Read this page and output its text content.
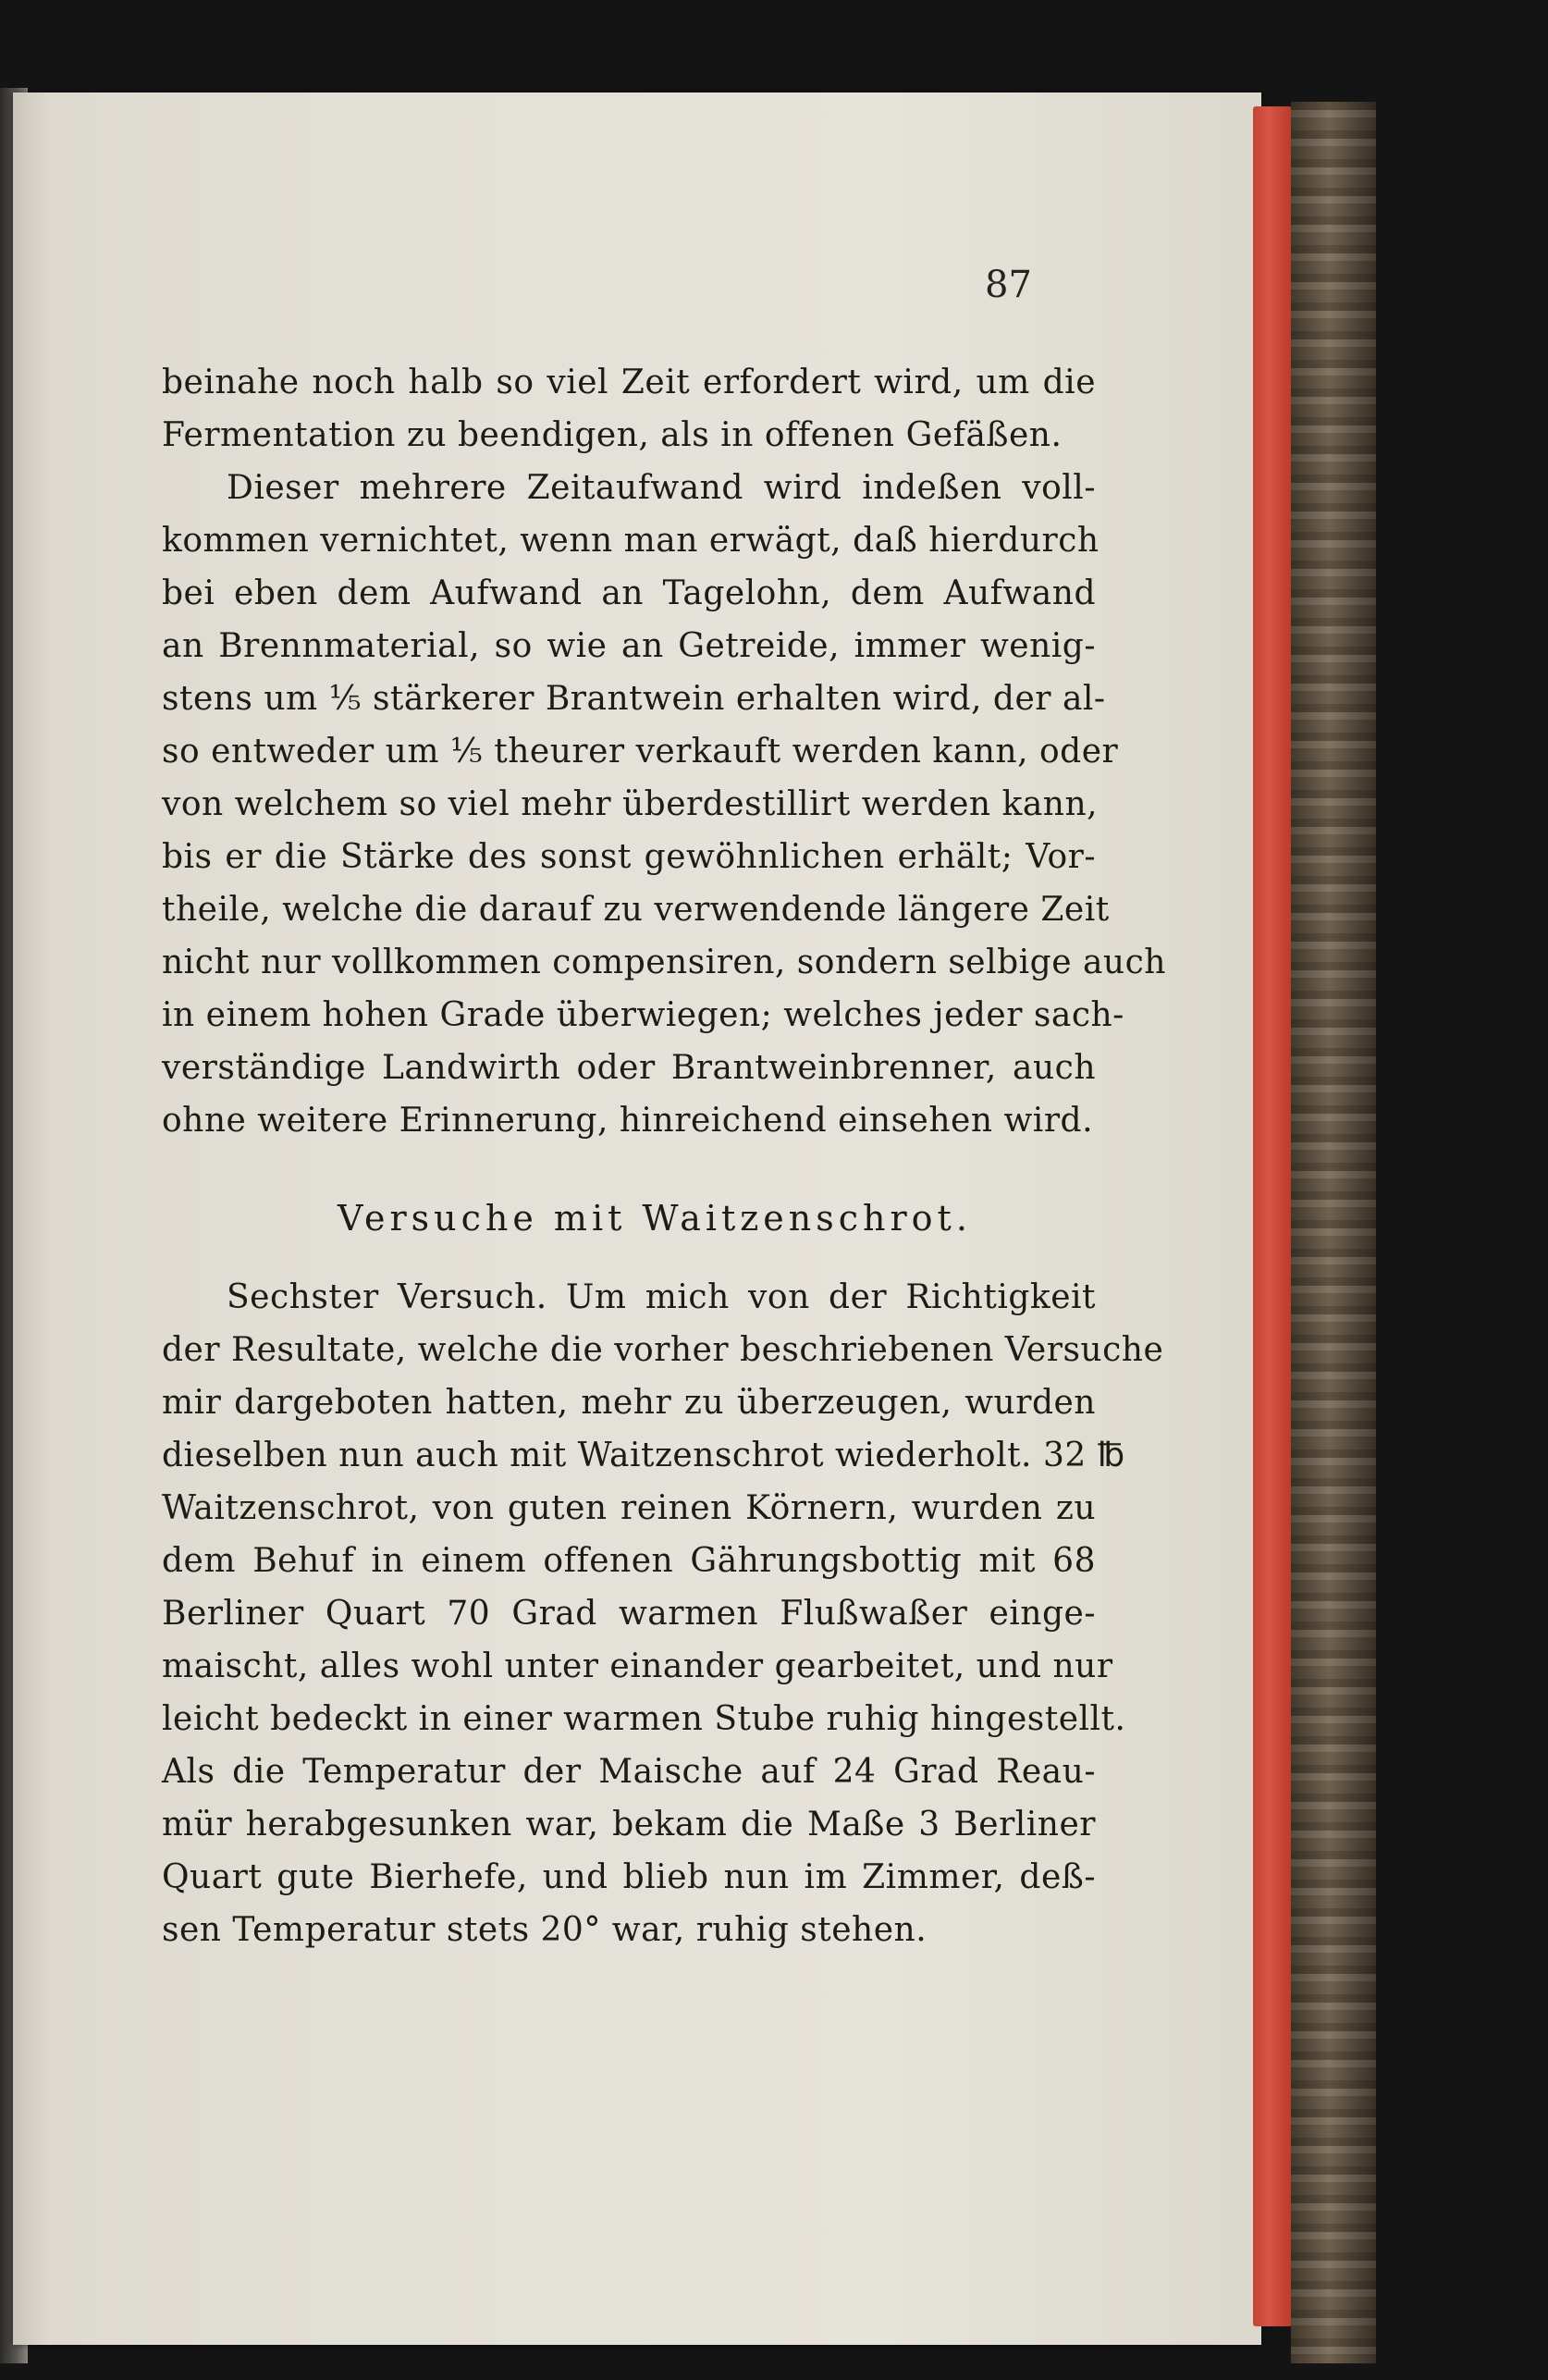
87
beinahe noch halb so viel Zeit erfordert wird, um die
Fermentation zu beendigen, als in offenen Gefäßen.
Dieser mehrere Zeitaufwand wird indeßen voll-
kommen vernichtet, wenn man erwägt, daß hierdurch
bei eben dem Aufwand an Tagelohn, dem Aufwand
an Brennmaterial, so wie an Getreide, immer wenig-
stens um ⅕ stärkerer Brantwein erhalten wird, der al-
so entweder um ⅕ theurer verkauft werden kann, oder
von welchem so viel mehr überdestillirt werden kann,
bis er die Stärke des sonst gewöhnlichen erhält; Vor-
theile, welche die darauf zu verwendende längere Zeit
nicht nur vollkommen compensiren, sondern selbige auch
in einem hohen Grade überwiegen; welches jeder sach-
verständige Landwirth oder Brantweinbrenner, auch
ohne weitere Erinnerung, hinreichend einsehen wird.
Versuche mit Waitzenschrot.
Sechster Versuch. Um mich von der Richtigkeit
der Resultate, welche die vorher beschriebenen Versuche
mir dargeboten hatten, mehr zu überzeugen, wurden
dieselben nun auch mit Waitzenschrot wiederholt. 32 ℔
Waitzenschrot, von guten reinen Körnern, wurden zu
dem Behuf in einem offenen Gährungsbottig mit 68
Berliner Quart 70 Grad warmen Flußwaßer einge-
maischt, alles wohl unter einander gearbeitet, und nur
leicht bedeckt in einer warmen Stube ruhig hingestellt.
Als die Temperatur der Maische auf 24 Grad Reau-
mür herabgesunken war, bekam die Maße 3 Berliner
Quart gute Bierhefe, und blieb nun im Zimmer, deß-
sen Temperatur stets 20° war, ruhig stehen.
